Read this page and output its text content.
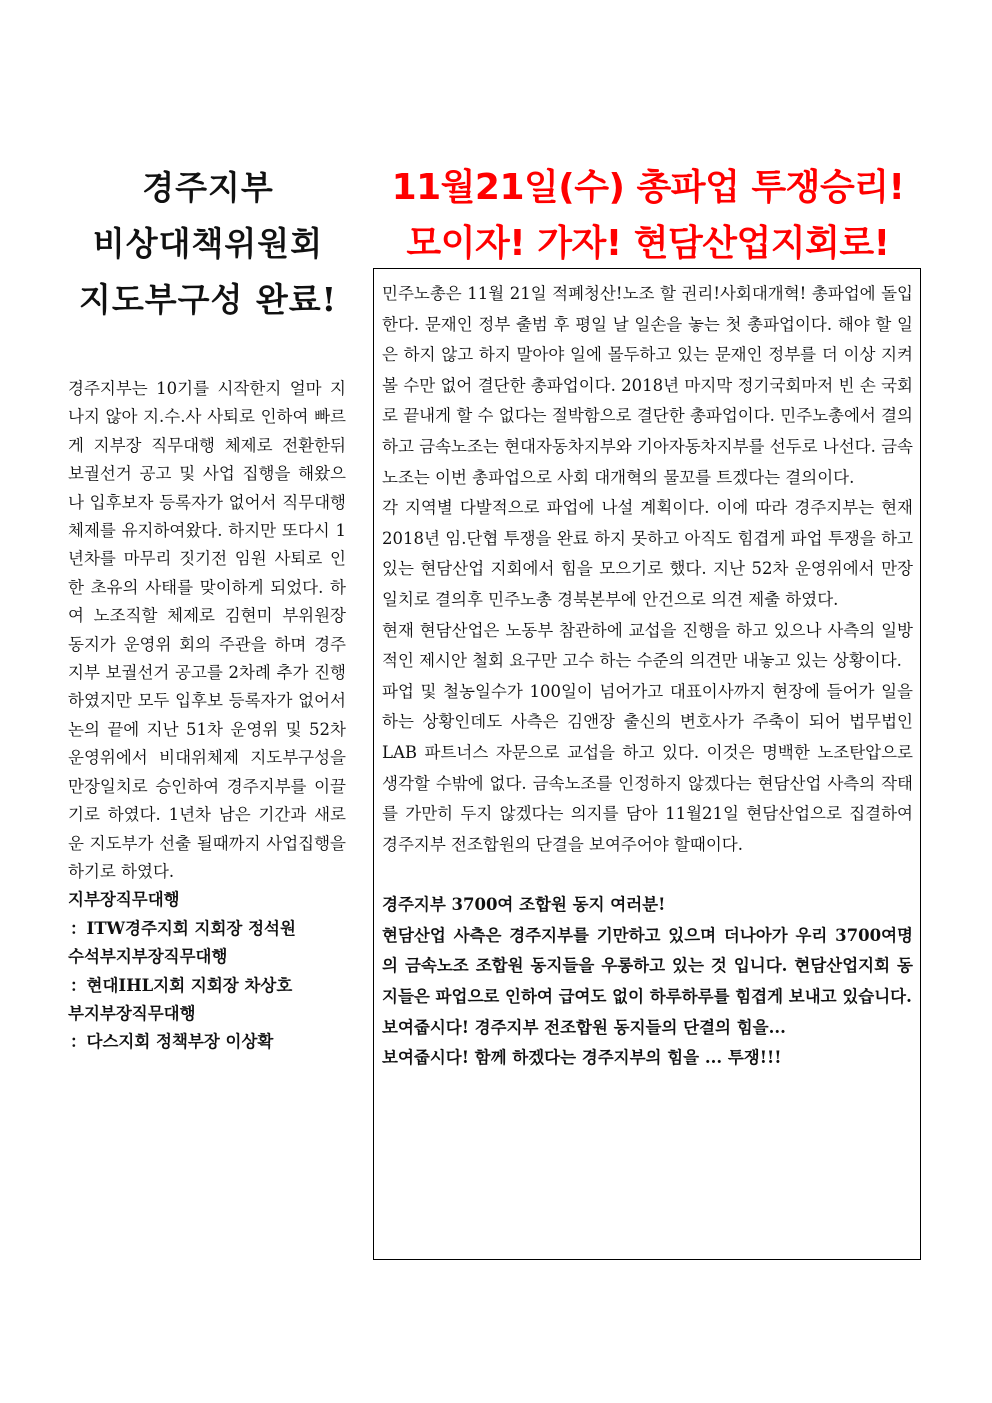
경주지부
비상대책위원회
지도부구성 완료!

경주지부는 10기를 시작한지 얼마 지나지 않아 지.수.사 사퇴로 인하여 빠르게 지부장 직무대행 체제로 전환한뒤 보궐선거 공고 및 사업 집행을 해왔으나 입후보자 등록자가 없어서 직무대행 체제를 유지하여왔다. 하지만 또다시 1년차를 마무리 짓기전 임원 사퇴로 인한 초유의 사태를 맞이하게 되었다. 하여 노조직할 체제로 김현미 부위원장 동지가 운영위 회의 주관을 하며 경주지부 보궐선거 공고를 2차례 추가 진행하였지만 모두 입후보 등록자가 없어서 논의 끝에 지난 51차 운영위 및 52차 운영위에서 비대위체제 지도부구성을 만장일치로 승인하여 경주지부를 이끌기로 하였다. 1년차 남은 기간과 새로운 지도부가 선출 될때까지 사업집행을 하기로 하였다.

지부장직무대행
：ITW경주지회 지회장 정석원
수석부지부장직무대행
：현대IHL지회 지회장 차상호
부지부장직무대행
：다스지회 정책부장 이상확
11월21일(수) 총파업 투쟁승리!
모이자! 가자! 현담산업지회로!

민주노총은 11월 21일 적폐청산!노조 할 권리!사회대개혁! 총파업에 돌입한다. 문재인 정부 출범 후 평일 날 일손을 놓는 첫 총파업이다. 해야 할 일은 하지 않고 하지 말아야 일에 몰두하고 있는 문재인 정부를 더 이상 지켜볼 수만 없어 결단한 총파업이다. 2018년 마지막 정기국회마저 빈 손 국회로 끝내게 할 수 없다는 절박함으로 결단한 총파업이다. 민주노총에서 결의하고 금속노조는 현대자동차지부와 기아자동차지부를 선두로 나선다. 금속노조는 이번 총파업으로 사회 대개혁의 물꼬를 트겠다는 결의이다.

각 지역별 다발적으로 파업에 나설 계획이다. 이에 따라 경주지부는 현재 2018년 임.단협 투쟁을 완료 하지 못하고 아직도 힘겹게 파업 투쟁을 하고 있는 현담산업 지회에서 힘을 모으기로 했다. 지난 52차 운영위에서 만장일치로 결의후 민주노총 경북본부에 안건으로 의견 제출 하였다.

현재 현담산업은 노동부 참관하에 교섭을 진행을 하고 있으나 사측의 일방적인 제시안 철회 요구만 고수 하는 수준의 의견만 내놓고 있는 상황이다.

파업 및 철농일수가 100일이 넘어가고 대표이사까지 현장에 들어가 일을 하는 상황인데도 사측은 김앤장 출신의 변호사가 주축이 되어 법무법인LAB 파트너스 자문으로 교섭을 하고 있다. 이것은 명백한 노조탄압으로 생각할 수밖에 없다. 금속노조를 인정하지 않겠다는 현담산업 사측의 작태를 가만히 두지 않겠다는 의지를 담아 11월21일 현담산업으로 집결하여 경주지부 전조합원의 단결을 보여주어야 할때이다.

경주지부 3700여 조합원 동지 여러분!

현담산업 사측은 경주지부를 기만하고 있으며 더나아가 우리 3700여명의 금속노조 조합원 동지들을 우롱하고 있는 것 입니다. 현담산업지회 동지들은 파업으로 인하여 급여도 없이 하루하루를 힘겹게 보내고 있습니다.

보여줍시다! 경주지부 전조합원 동지들의 단결의 힘을...

보여줍시다! 함께 하겠다는 경주지부의 힘을 ... 투쟁!!!
